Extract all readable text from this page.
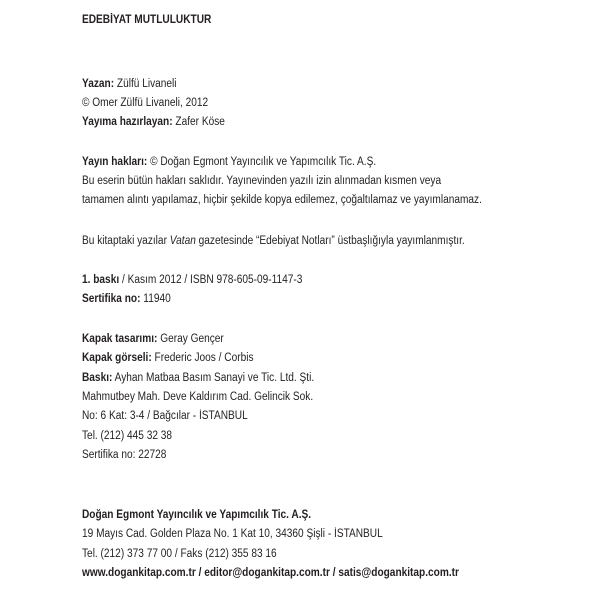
EDEBİYAT MUTLULUKTUR
Yazan: Zülfü Livaneli
© Ömer Zülfü Livaneli, 2012
Yayıma hazırlayan: Zafer Köse
Yayın hakları: © Doğan Egmont Yayıncılık ve Yapımcılık Tic. A.Ş.
Bu eserin bütün hakları saklıdır. Yayınevinden yazılı izin alınmadan kısmen veya
tamamen alıntı yapılamaz, hiçbir şekilde kopya edilemez, çoğaltılamaz ve yayımlanamaz.
Bu kitaptaki yazılar Vatan gazetesinde “Edebiyat Notları” üstbaşlığıyla yayımlanmıştır.
1. baskı / Kasım 2012 / ISBN 978-605-09-1147-3
Sertifika no: 11940
Kapak tasarımı: Geray Gençer
Kapak görseli: Frederic Joos / Corbis
Baskı: Ayhan Matbaa Basım Sanayi ve Tic. Ltd. Şti.
Mahmutbey Mah. Deve Kaldırım Cad. Gelincik Sok.
No: 6 Kat: 3-4 / Bağcılar - İSTANBUL
Tel. (212) 445 32 38
Sertifika no: 22728
Doğan Egmont Yayıncılık ve Yapımcılık Tic. A.Ş.
19 Mayıs Cad. Golden Plaza No. 1 Kat 10, 34360 Şişli - İSTANBUL
Tel. (212) 373 77 00 / Faks (212) 355 83 16
www.dogankitap.com.tr / editor@dogankitap.com.tr / satis@dogankitap.com.tr
